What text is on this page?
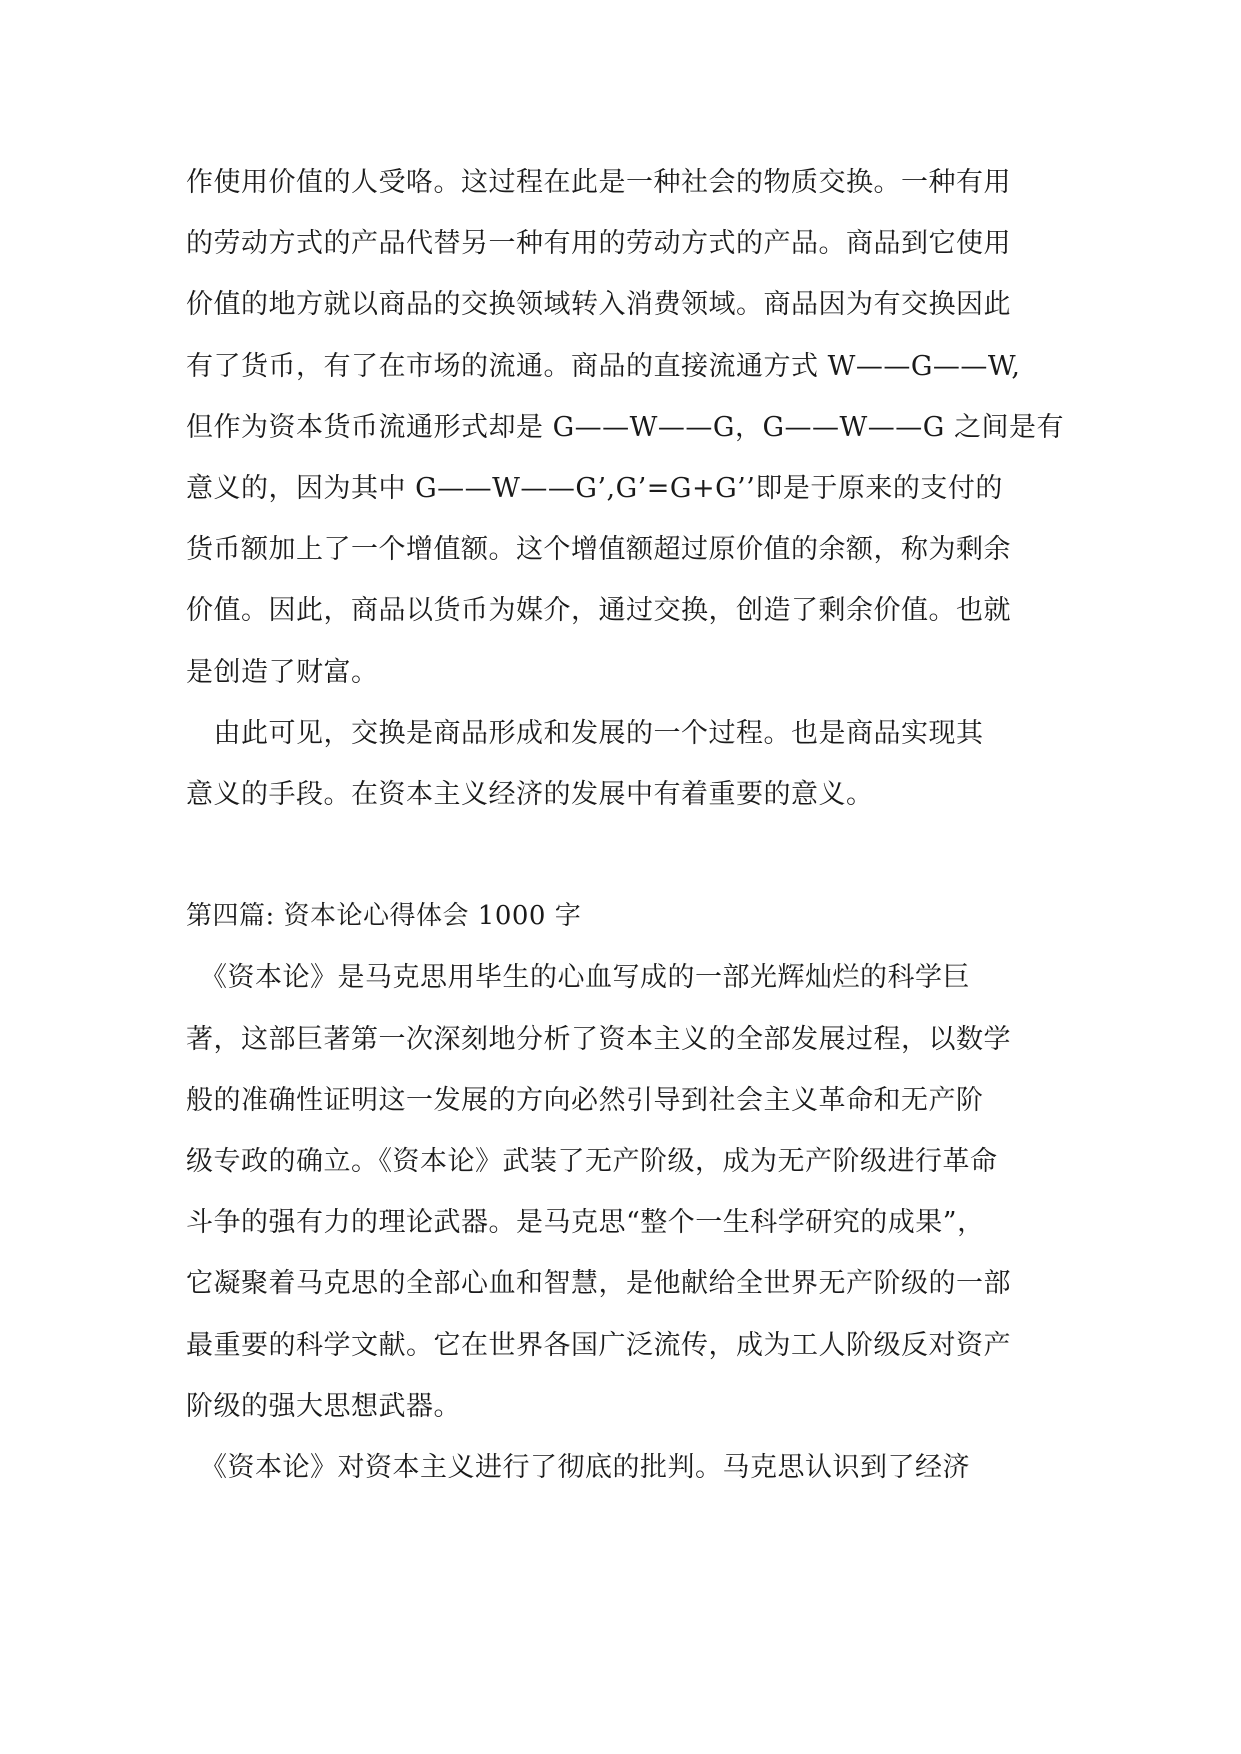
作使用价值的人受咯。这过程在此是一种社会的物质交换。一种有用
的劳动方式的产品代替另一种有用的劳动方式的产品。商品到它使用
价值的地方就以商品的交换领域转入消费领域。商品因为有交换因此
有了货币，有了在市场的流通。商品的直接流通方式 W——G——W,
但作为资本货币流通形式却是 G——W——G，G——W——G 之间是有
意义的，因为其中 G——W——G’,G’=G+G’’即是于原来的支付的
货币额加上了一个增值额。这个增值额超过原价值的余额，称为剩余
价值。因此，商品以货币为媒介，通过交换，创造了剩余价值。也就
是创造了财富。
　由此可见，交换是商品形成和发展的一个过程。也是商品实现其
意义的手段。在资本主义经济的发展中有着重要的意义。
第四篇: 资本论心得体会 1000 字
　《资本论》是马克思用毕生的心血写成的一部光辉灿烂的科学巨
著，这部巨著第一次深刻地分析了资本主义的全部发展过程，以数学
般的准确性证明这一发展的方向必然引导到社会主义革命和无产阶
级专政的确立。《资本论》武装了无产阶级，成为无产阶级进行革命
斗争的强有力的理论武器。是马克思“整个一生科学研究的成果”，
它凝聚着马克思的全部心血和智慧，是他献给全世界无产阶级的一部
最重要的科学文献。它在世界各国广泛流传，成为工人阶级反对资产
阶级的强大思想武器。
　《资本论》对资本主义进行了彻底的批判。马克思认识到了经济
